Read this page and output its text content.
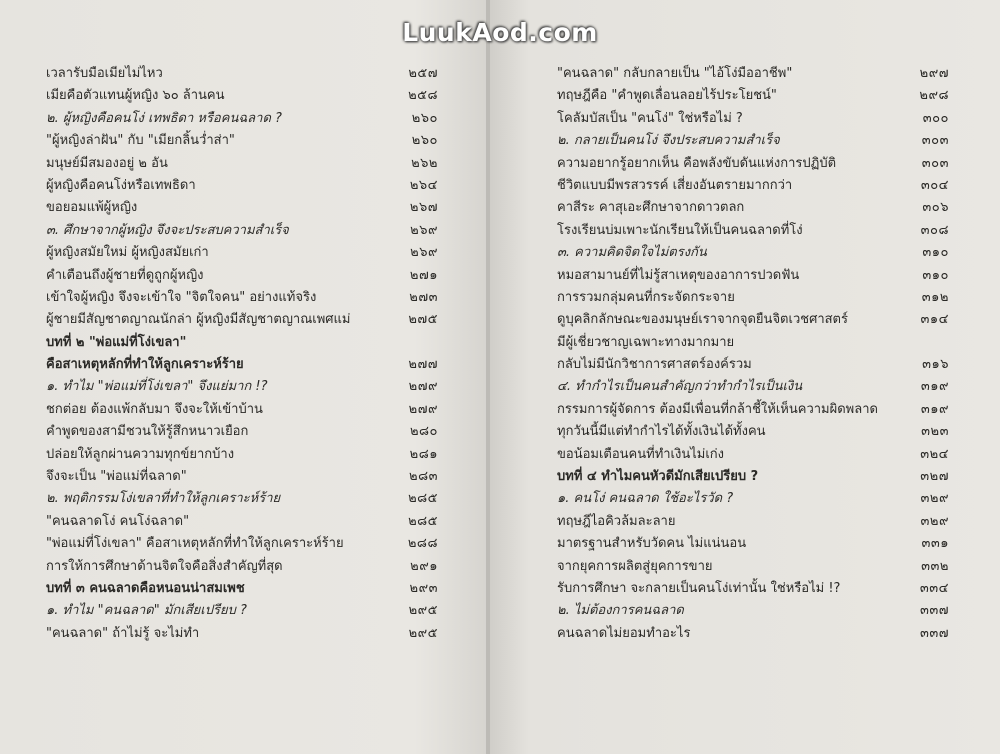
LuukAod.com
เวลารับมือเมียไม่ไหว	๒๕๗
เมียคือตัวแทนผู้หญิง ๖๐ ล้านคน	๒๕๘
๒. ผู้หญิงคือคนโง่ เทพธิดา หรือคนฉลาด ?	๒๖๐
"ผู้หญิงล่าฝัน" กับ "เมียกลิ้นว่ำส่า"	๒๖๐
มนุษย์มีสมองอยู่ ๒ อัน	๒๖๒
ผู้หญิงคือคนโง่หรือเทพธิดา	๒๖๔
ขอยอมแพ้ผู้หญิง	๒๖๗
๓. ศึกษาจากผู้หญิง จึงจะประสบความสำเร็จ	๒๖๙
ผู้หญิงสมัยใหม่ ผู้หญิงสมัยเก่า	๒๖๙
คำเตือนถึงผู้ชายที่ดูถูกผู้หญิง	๒๗๑
เข้าใจผู้หญิง จึงจะเข้าใจ "จิตใจคน" อย่างแท้จริง	๒๗๓
ผู้ชายมีสัญชาตญาณนักล่า ผู้หญิงมีสัญชาตญาณเพศแม่	๒๗๕
บทที่ ๒ "พ่อแม่ที่โง่เขลา"
คือสาเหตุหลักที่ทำให้ลูกเคราะห์ร้าย	๒๗๗
๑. ทำไม "พ่อแม่ที่โง่เขลา" จึงแย่มาก !?	๒๗๙
ชกต่อย ต้องแพ้กลับมา จึงจะให้เข้าบ้าน	๒๗๙
คำพูดของสามีชวนให้รู้สึกหนาวเยือก	๒๘๐
ปล่อยให้ลูกผ่านความทุกข์ยากบ้าง	๒๘๑
จึงจะเป็น "พ่อแม่ที่ฉลาด"	๒๘๓
๒. พฤติกรรมโง่เขลาที่ทำให้ลูกเคราะห์ร้าย	๒๘๕
"คนฉลาดโง่ คนโง่ฉลาด"	๒๘๕
"พ่อแม่ที่โง่เขลา" คือสาเหตุหลักที่ทำให้ลูกเคราะห์ร้าย	๒๘๘
การให้การศึกษาด้านจิตใจคือสิ่งสำคัญที่สุด	๒๙๑
บทที่ ๓ คนฉลาดคือหนอนน่าสมเพช	๒๙๓
๑. ทำไม "คนฉลาด" มักเสียเปรียบ ?	๒๙๕
"คนฉลาด" ถ้าไม่รู้ จะไม่ทำ	๒๙๕
"คนฉลาด" กลับกลายเป็น "ไอ้โง่มืออาชีพ"	๒๙๗
ทฤษฎีคือ "คำพูดเลื่อนลอยไร้ประโยชน์"	๒๙๘
โคลัมบัสเป็น "คนโง่" ใช่หรือไม่ ?	๓๐๐
๒. กลายเป็นคนโง่ จึงประสบความสำเร็จ	๓๐๓
ความอยากรู้อยากเห็น คือพลังขับดันแห่งการปฏิบัติ	๓๐๓
ชีวิตแบบมีพรสวรรค์ เสี่ยงอันตรายมากกว่า	๓๐๔
คาสีระ คาสุเอะศึกษาจากดาวตลก	๓๐๖
โรงเรียนบ่มเพาะนักเรียนให้เป็นคนฉลาดที่โง่	๓๐๘
๓. ความคิดจิตใจไม่ตรงกัน	๓๑๐
หมอสามานย์ที่ไม่รู้สาเหตุของอาการปวดฟัน	๓๑๐
การรวมกลุ่มคนที่กระจัดกระจาย	๓๑๒
ดูบุคลิกลักษณะของมนุษย์เราจากจุดยืนจิตเวชศาสตร์	๓๑๔
มีผู้เชี่ยวชาญเฉพาะทางมากมาย
กลับไม่มีนักวิชาการศาสตร์องค์รวม	๓๑๖
๔. ทำกำไรเป็นคนสำคัญกว่าทำกำไรเป็นเงิน	๓๑๙
กรรมการผู้จัดการ ต้องมีเพื่อนที่กล้าชี้ให้เห็นความผิดพลาด	๓๑๙
ทุกวันนี้มีแต่ทำกำไรได้ทั้งเงินได้ทั้งคน	๓๒๓
ขอน้อมเตือนคนที่ทำเงินไม่เก่ง	๓๒๔
บทที่ ๔ ทำไมคนหัวดีมักเสียเปรียบ ?	๓๒๗
๑. คนโง่ คนฉลาด ใช้อะไรวัด ?	๓๒๙
ทฤษฎีไอคิวล้มละลาย	๓๒๙
มาตรฐานสำหรับวัดคน ไม่แน่นอน	๓๓๑
จากยุคการผลิตสู่ยุคการขาย	๓๓๒
รับการศึกษา จะกลายเป็นคนโง่เท่านั้น ใช่หรือไม่ !?	๓๓๔
๒. ไม่ต้องการคนฉลาด	๓๓๗
คนฉลาดไม่ยอมทำอะไร	๓๓๗
